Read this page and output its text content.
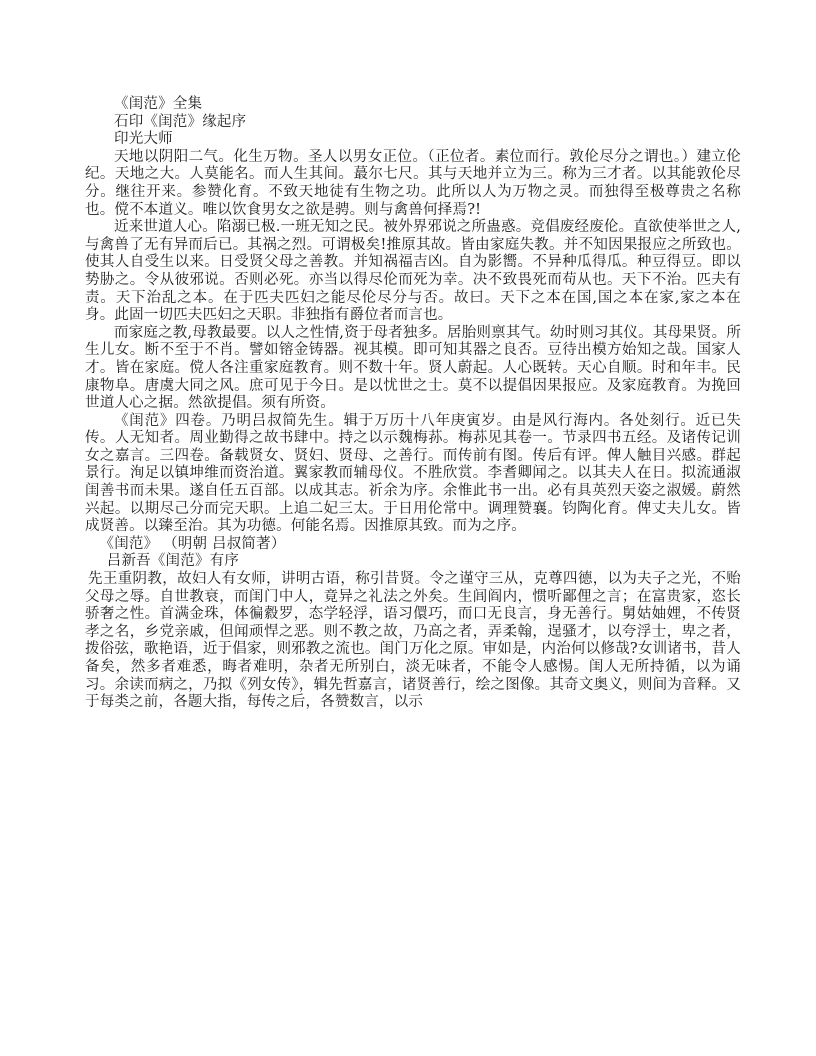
《闺范》全集

石印《闺范》缘起序

印光大师

天地以阴阳二气。化生万物。圣人以男女正位。（正位者。素位而行。敦伦尽分之谓也。）建立伦纪。天地之大。人莫能名。而人生其间。蕞尔七尺。其与天地并立为三。称为三才者。以其能敦伦尽分。继往开来。参赞化育。不致天地徒有生物之功。此所以人为万物之灵。而独得至极尊贵之名称也。傥不本道义。唯以饮食男女之欲是骋。则与禽兽何择焉?!

近来世道人心。陷溺已极.一班无知之民。被外界邪说之所蛊惑。竞倡废经废伦。直欲使举世之人,与禽兽了无有异而后已。其祸之烈。可谓极矣!推原其故。皆由家庭失教。并不知因果报应之所致也。使其人自受生以来。日受贤父母之善教。并知祸福吉凶。自为影嚮。不异种瓜得瓜。种豆得豆。即以势胁之。令从彼邪说。否则必死。亦当以得尽伦而死为幸。决不致畏死而苟从也。天下不治。匹夫有责。天下治乱之本。在于匹夫匹妇之能尽伦尽分与否。故曰。天下之本在国,国之本在家,家之本在身。此固一切匹夫匹妇之天职。非独指有爵位者而言也。

而家庭之教,母教最要。以人之性情,资于母者独多。居胎则禀其气。幼时则习其仪。其母果贤。所生儿女。断不至于不肖。譬如镕金铸器。视其模。即可知其器之良否。豆待出模方始知之哉。国家人才。皆在家庭。傥人各注重家庭教育。则不数十年。贤人蔚起。人心既转。天心自顺。时和年丰。民康物阜。唐虞大同之风。庶可见于今日。是以忧世之士。莫不以提倡因果报应。及家庭教育。为挽回世道人心之据。然欲提倡。须有所资。

《闺范》四卷。乃明吕叔简先生。辑于万历十八年庚寅岁。由是风行海内。各处刻行。近已失传。人无知者。周业勤得之故书肆中。持之以示魏梅荪。梅荪见其卷一。节录四书五经。及诸传记训女之嘉言。三四卷。备载贤女、贤妇、贤母、之善行。而传前有图。传后有评。俾人触目兴感。群起景行。洵足以镇坤维而资治道。翼家教而辅母仪。不胜欣赏。李耆卿闻之。以其夫人在日。拟流通淑闺善书而未果。遂自任五百部。以成其志。祈余为序。余惟此书一出。必有具英烈天姿之淑媛。蔚然兴起。以期尽己分而完天职。上追二妃三太。于日用伦常中。调理赞襄。钧陶化育。俾丈夫儿女。皆成贤善。以臻至治。其为功德。何能名焉。因推原其致。而为之序。

《闺范》 （明朝 吕叔简著）

吕新吾《闺范》有序

先王重阴教，故妇人有女师，讲明古语，称引昔贤。令之谨守三从，克尊四德，以为夫子之光，不贻父母之辱。自世教衰，而闺门中人，竟异之礼法之外矣。生闾阎内，惯听鄙俚之言；在富贵家，恣长骄奢之性。首满金珠，体徧縠罗，态学轻浮，语习儇巧，而口无良言，身无善行。舅姑妯娌，不传贤孝之名，乡党亲戚，但闻顽悍之恶。则不教之故，乃高之者，弄柔翰，逞骚才，以夸浮士，卑之者，拨俗弦，歌艳语，近于倡家，则邪教之流也。闺门万化之原。审如是，内治何以修哉?女训诸书，昔人备矣，然多者难悉，晦者难明，杂者无所别白，淡无味者，不能令人感惕。闺人无所持循，以为诵习。余读而病之，乃拟《列女传》，辑先哲嘉言，诸贤善行，绘之图像。其奇文奥义，则间为音释。又于每类之前，各题大指，每传之后，各赞数言，以示
